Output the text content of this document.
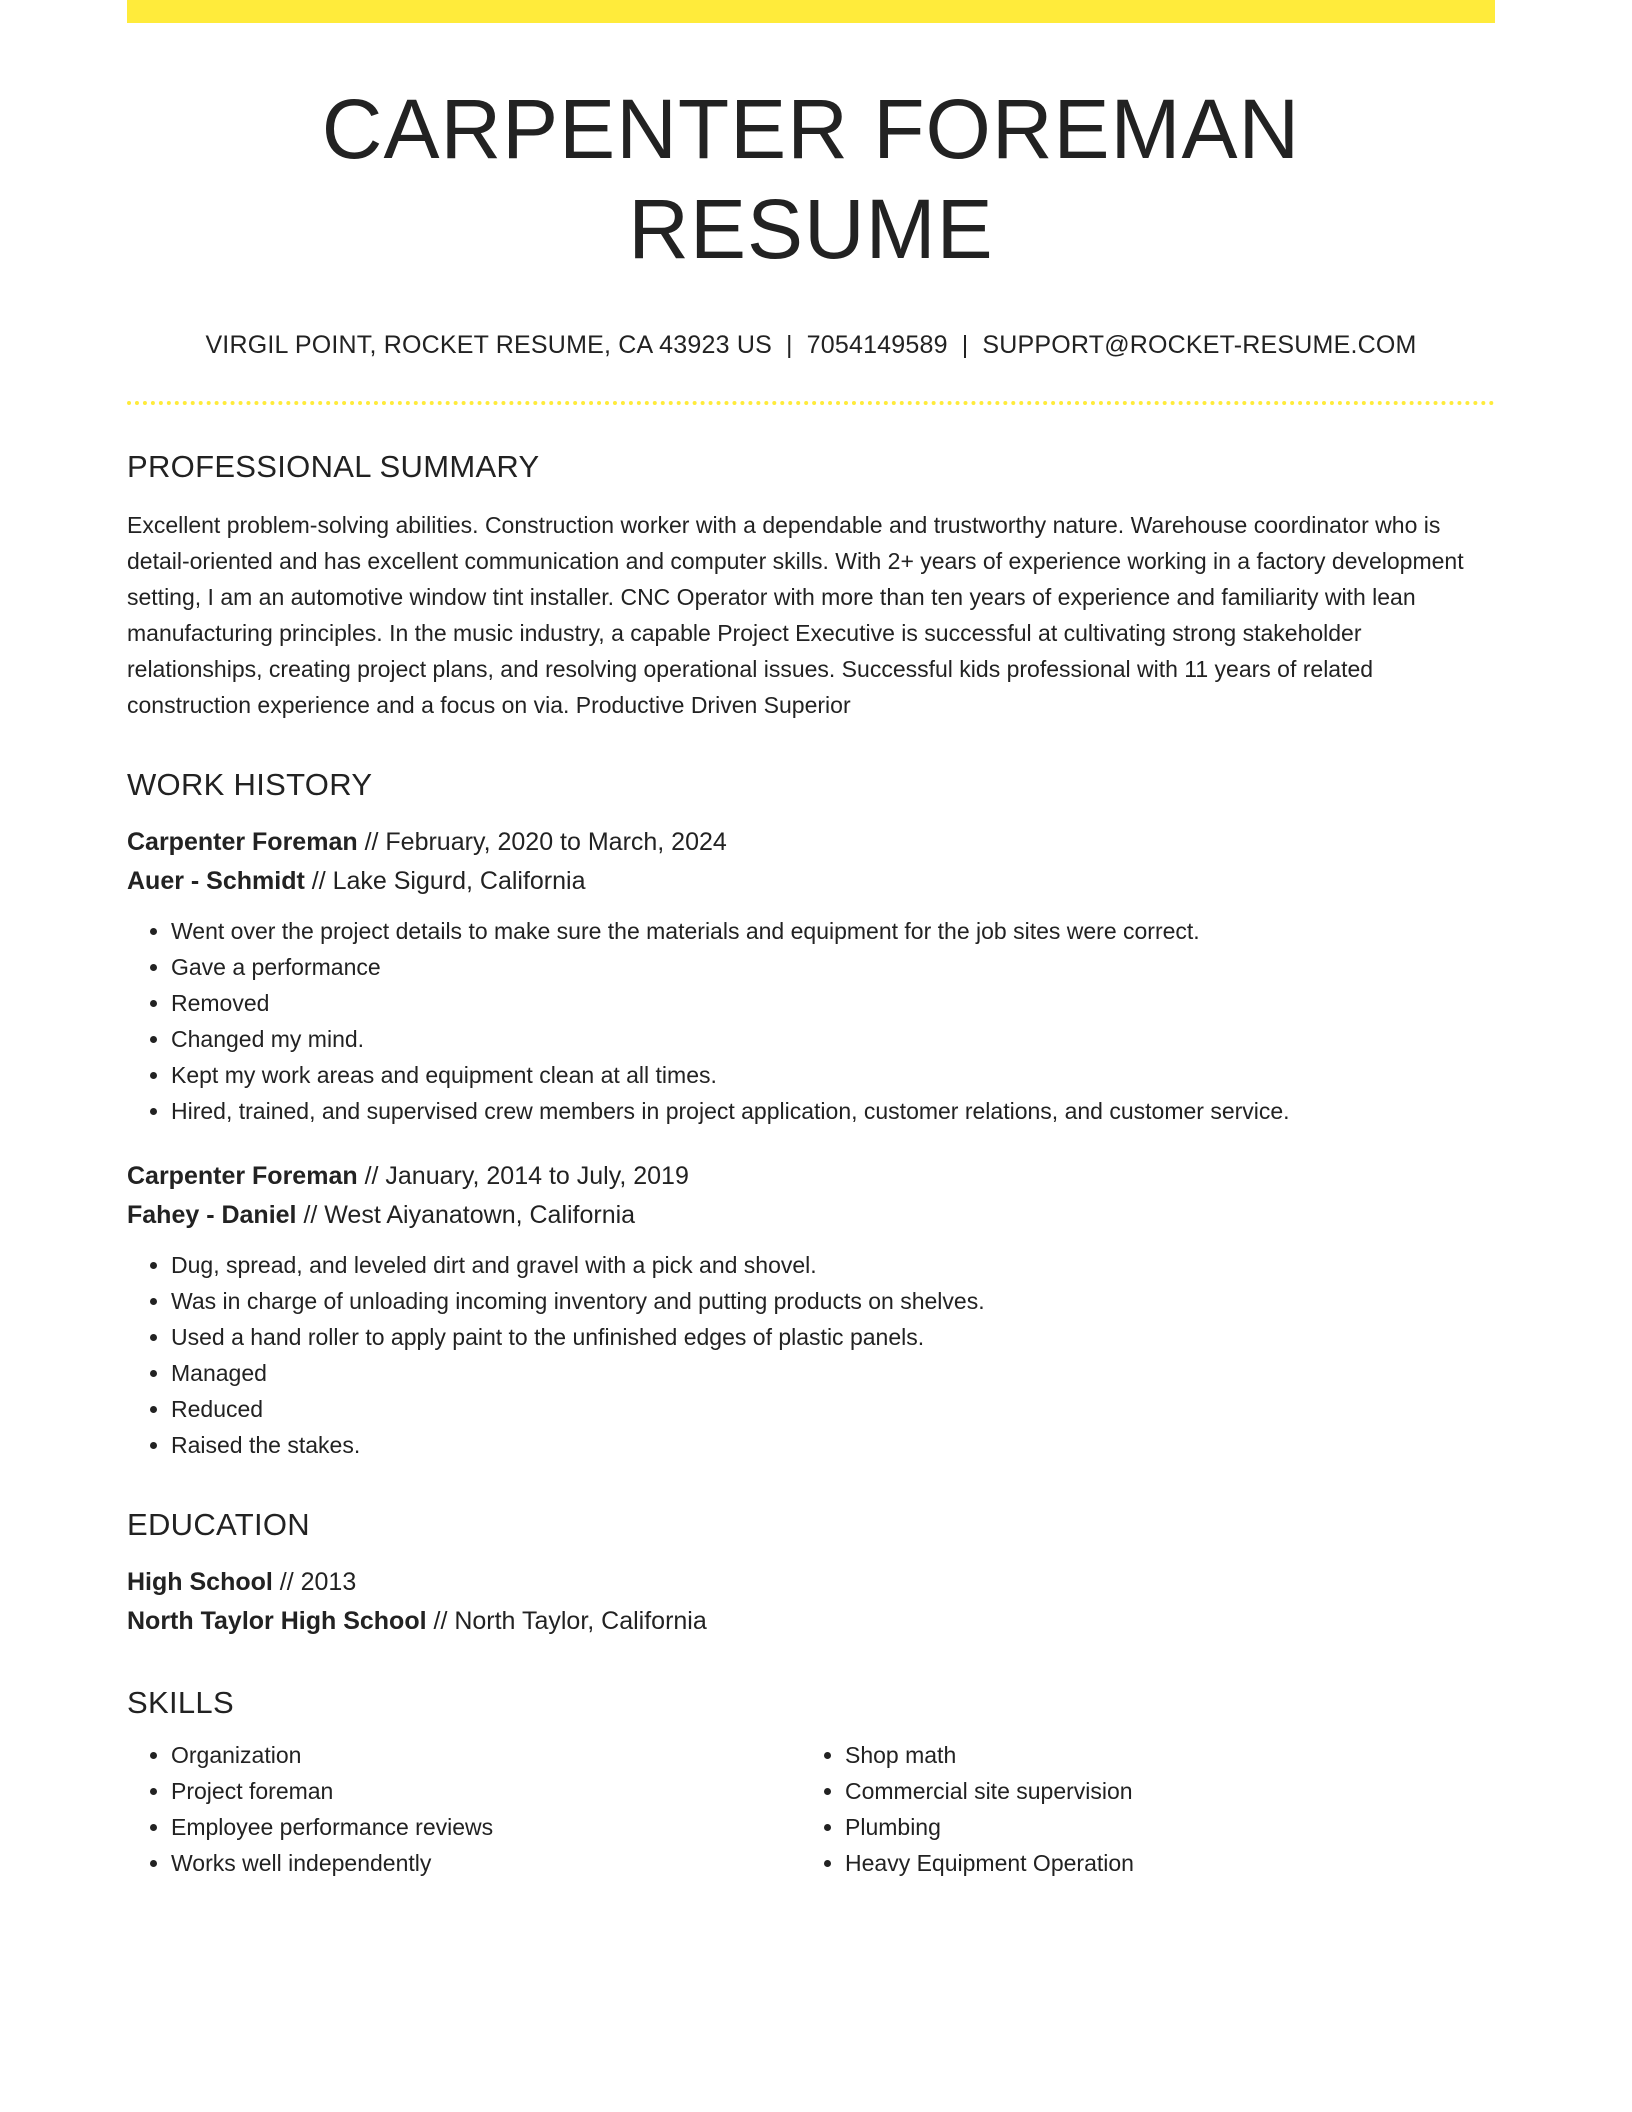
CARPENTER FOREMAN RESUME
VIRGIL POINT, ROCKET RESUME, CA 43923 US | 7054149589 | SUPPORT@ROCKET-RESUME.COM
PROFESSIONAL SUMMARY
Excellent problem-solving abilities. Construction worker with a dependable and trustworthy nature. Warehouse coordinator who is detail-oriented and has excellent communication and computer skills. With 2+ years of experience working in a factory development setting, I am an automotive window tint installer. CNC Operator with more than ten years of experience and familiarity with lean manufacturing principles. In the music industry, a capable Project Executive is successful at cultivating strong stakeholder relationships, creating project plans, and resolving operational issues. Successful kids professional with 11 years of related construction experience and a focus on via. Productive Driven Superior
WORK HISTORY
Carpenter Foreman // February, 2020 to March, 2024
Auer - Schmidt // Lake Sigurd, California
• Went over the project details to make sure the materials and equipment for the job sites were correct.
• Gave a performance
• Removed
• Changed my mind.
• Kept my work areas and equipment clean at all times.
• Hired, trained, and supervised crew members in project application, customer relations, and customer service.
Carpenter Foreman // January, 2014 to July, 2019
Fahey - Daniel // West Aiyanatown, California
• Dug, spread, and leveled dirt and gravel with a pick and shovel.
• Was in charge of unloading incoming inventory and putting products on shelves.
• Used a hand roller to apply paint to the unfinished edges of plastic panels.
• Managed
• Reduced
• Raised the stakes.
EDUCATION
High School // 2013
North Taylor High School // North Taylor, California
SKILLS
• Organization
• Project foreman
• Employee performance reviews
• Works well independently
• Shop math
• Commercial site supervision
• Plumbing
• Heavy Equipment Operation
